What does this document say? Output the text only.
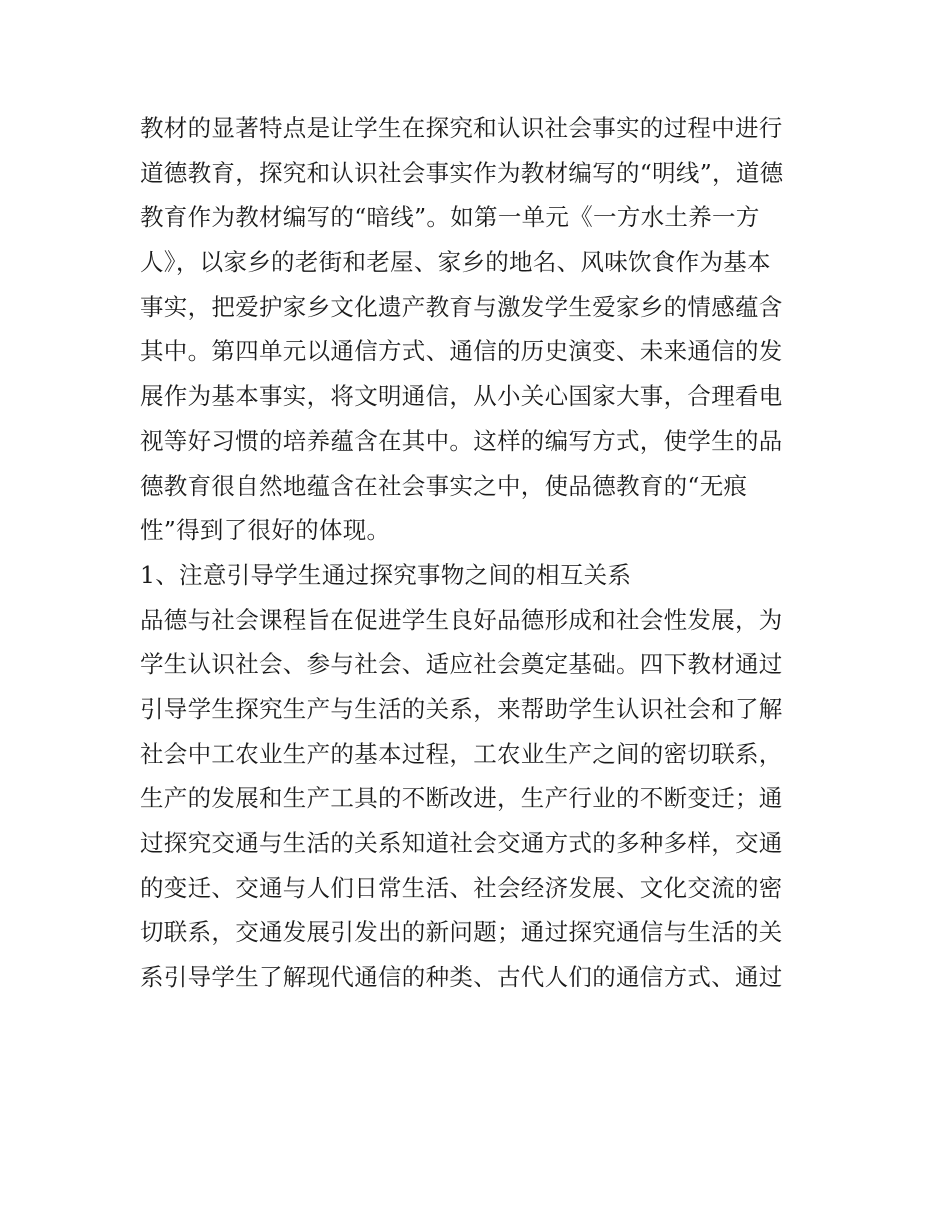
教材的显著特点是让学生在探究和认识社会事实的过程中进行
道德教育，探究和认识社会事实作为教材编写的“明线”，道德
教育作为教材编写的“暗线”。如第一单元《一方水土养一方
人》，以家乡的老街和老屋、家乡的地名、风味饮食作为基本
事实，把爱护家乡文化遗产教育与激发学生爱家乡的情感蕴含
其中。第四单元以通信方式、通信的历史演变、未来通信的发
展作为基本事实，将文明通信，从小关心国家大事，合理看电
视等好习惯的培养蕴含在其中。这样的编写方式，使学生的品
德教育很自然地蕴含在社会事实之中，使品德教育的“无痕
性”得到了很好的体现。
1、注意引导学生通过探究事物之间的相互关系
品德与社会课程旨在促进学生良好品德形成和社会性发展，为
学生认识社会、参与社会、适应社会奠定基础。四下教材通过
引导学生探究生产与生活的关系，来帮助学生认识社会和了解
社会中工农业生产的基本过程，工农业生产之间的密切联系，
生产的发展和生产工具的不断改进，生产行业的不断变迁；通
过探究交通与生活的关系知道社会交通方式的多种多样，交通
的变迁、交通与人们日常生活、社会经济发展、文化交流的密
切联系，交通发展引发出的新问题；通过探究通信与生活的关
系引导学生了解现代通信的种类、古代人们的通信方式、通过
